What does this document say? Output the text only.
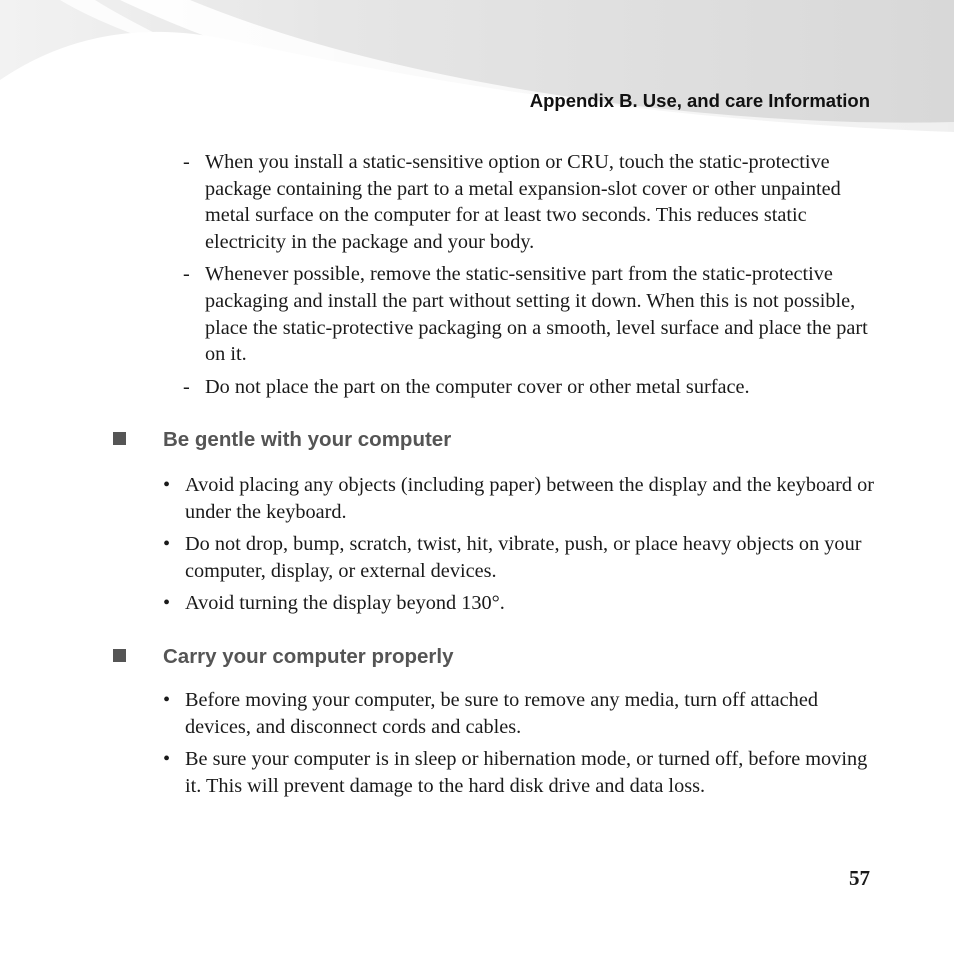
Appendix B. Use, and care Information
- When you install a static-sensitive option or CRU, touch the static-protective package containing the part to a metal expansion-slot cover or other unpainted metal surface on the computer for at least two seconds. This reduces static electricity in the package and your body.
- Whenever possible, remove the static-sensitive part from the static-protective packaging and install the part without setting it down. When this is not possible, place the static-protective packaging on a smooth, level surface and place the part on it.
- Do not place the part on the computer cover or other metal surface.
Be gentle with your computer
• Avoid placing any objects (including paper) between the display and the keyboard or under the keyboard.
• Do not drop, bump, scratch, twist, hit, vibrate, push, or place heavy objects on your computer, display, or external devices.
• Avoid turning the display beyond 130°.
Carry your computer properly
• Before moving your computer, be sure to remove any media, turn off attached devices, and disconnect cords and cables.
• Be sure your computer is in sleep or hibernation mode, or turned off, before moving it. This will prevent damage to the hard disk drive and data loss.
57
